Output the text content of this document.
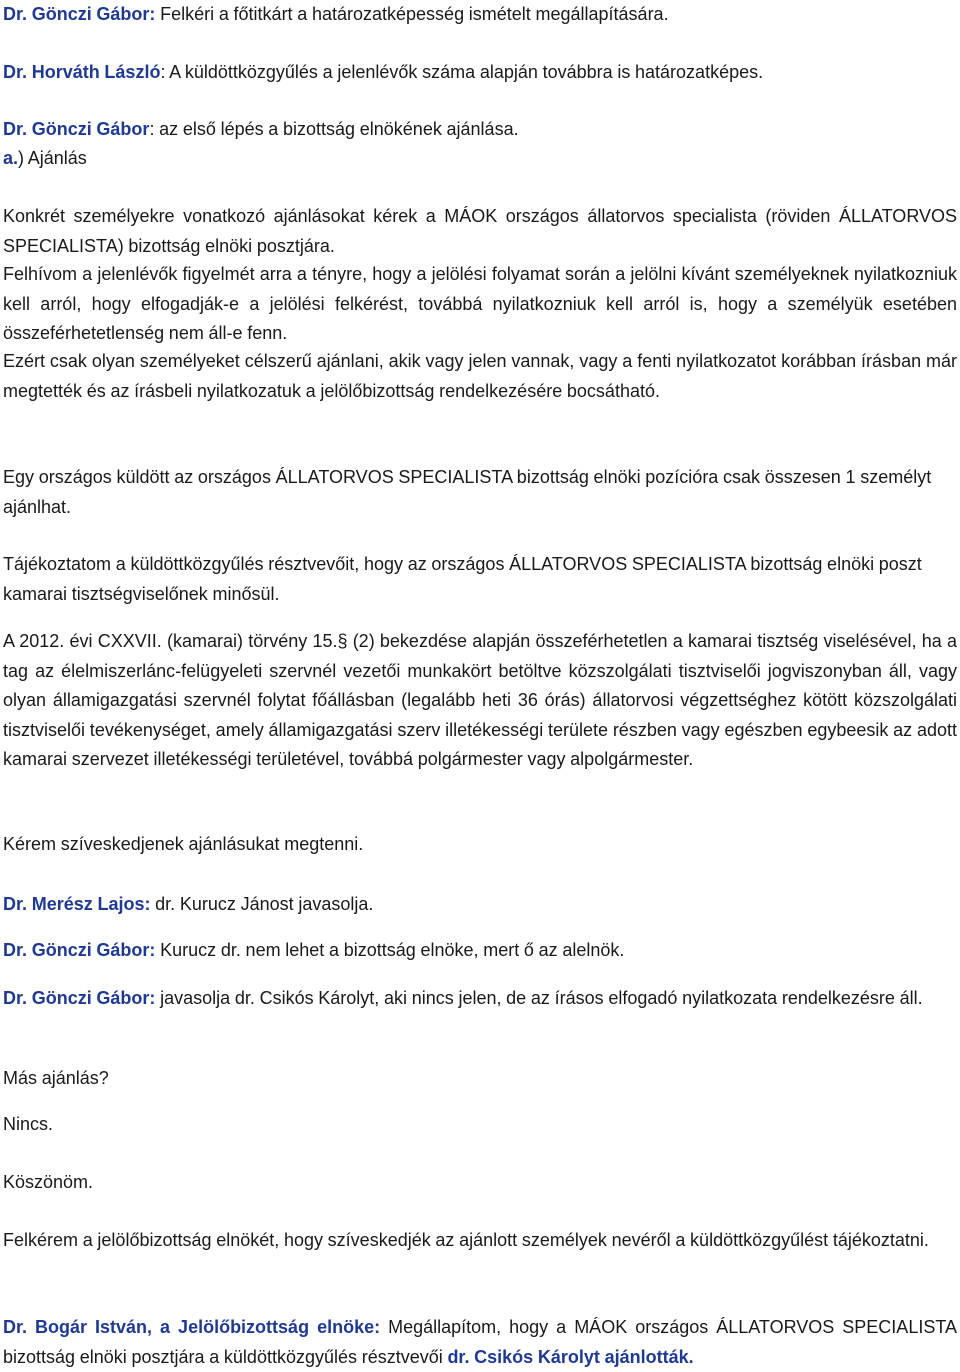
Dr. Gönczi Gábor: Felkéri a főtitkárt a határozatképesség ismételt megállapítására.

Dr. Horváth László: A küldöttközgyűlés a jelenlévők száma alapján továbbra is határozatképes.

Dr. Gönczi Gábor: az első lépés a bizottság elnökének ajánlása.

a.) Ajánlás

Konkrét személyekre vonatkozó ajánlásokat kérek a MÁOK országos állatorvos specialista (röviden ÁLLATORVOS SPECIALISTA) bizottság elnöki posztjára.

Felhívom a jelenlévők figyelmét arra a tényre, hogy a jelölési folyamat során a jelölni kívánt személyeknek nyilatkozniuk kell arról, hogy elfogadják-e a jelölési felkérést, továbbá nyilatkozniuk kell arról is, hogy a személyük esetében összeférhetetlenség nem áll-e fenn.

Ezért csak olyan személyeket célszerű ajánlani, akik vagy jelen vannak, vagy a fenti nyilatkozatot korábban írásban már megtették és az írásbeli nyilatkozatuk a jelölőbizottság rendelkezésére bocsátható.

Egy országos küldött az országos ÁLLATORVOS SPECIALISTA bizottság elnöki pozícióra csak összesen 1 személyt ajánlhat.

Tájékoztatom a küldöttközgyűlés résztvevőit, hogy az országos ÁLLATORVOS SPECIALISTA bizottság elnöki poszt kamarai tisztségviselőnek minősül.

A 2012. évi CXXVII. (kamarai) törvény 15.§ (2) bekezdése alapján összeférhetetlen a kamarai tisztség viselésével, ha a tag az élelmiszerlánc-felügyeleti szervnél vezetői munkakört betöltve közszolgálati tisztviselői jogviszonyban áll, vagy olyan államigazgatási szervnél folytat főállásban (legalább heti 36 órás) állatorvosi végzettséghez kötött közszolgálati tisztviselői tevékenységet, amely államigazgatási szerv illetékességi területe részben vagy egészben egybeesik az adott kamarai szervezet illetékességi területével, továbbá polgármester vagy alpolgármester.

Kérem szíveskedjenek ajánlásukat megtenni.

Dr. Merész Lajos: dr. Kurucz Jánost javasolja.

Dr. Gönczi Gábor: Kurucz dr. nem lehet a bizottság elnöke, mert ő az alelnök.

Dr. Gönczi Gábor: javasolja dr. Csikós Károlyt, aki nincs jelen, de az írásos elfogadó nyilatkozata rendelkezésre áll.

Más ajánlás?

Nincs.

Köszönöm.

Felkérem a jelölőbizottság elnökét, hogy szíveskedjék az ajánlott személyek nevéről a küldöttközgyűlést tájékoztatni.

Dr. Bogár István, a Jelölőbizottság elnöke: Megállapítom, hogy a MÁOK országos ÁLLATORVOS SPECIALISTA bizottság elnöki posztjára a küldöttközgyűlés résztvevői dr. Csikós Károlyt ajánlották.
